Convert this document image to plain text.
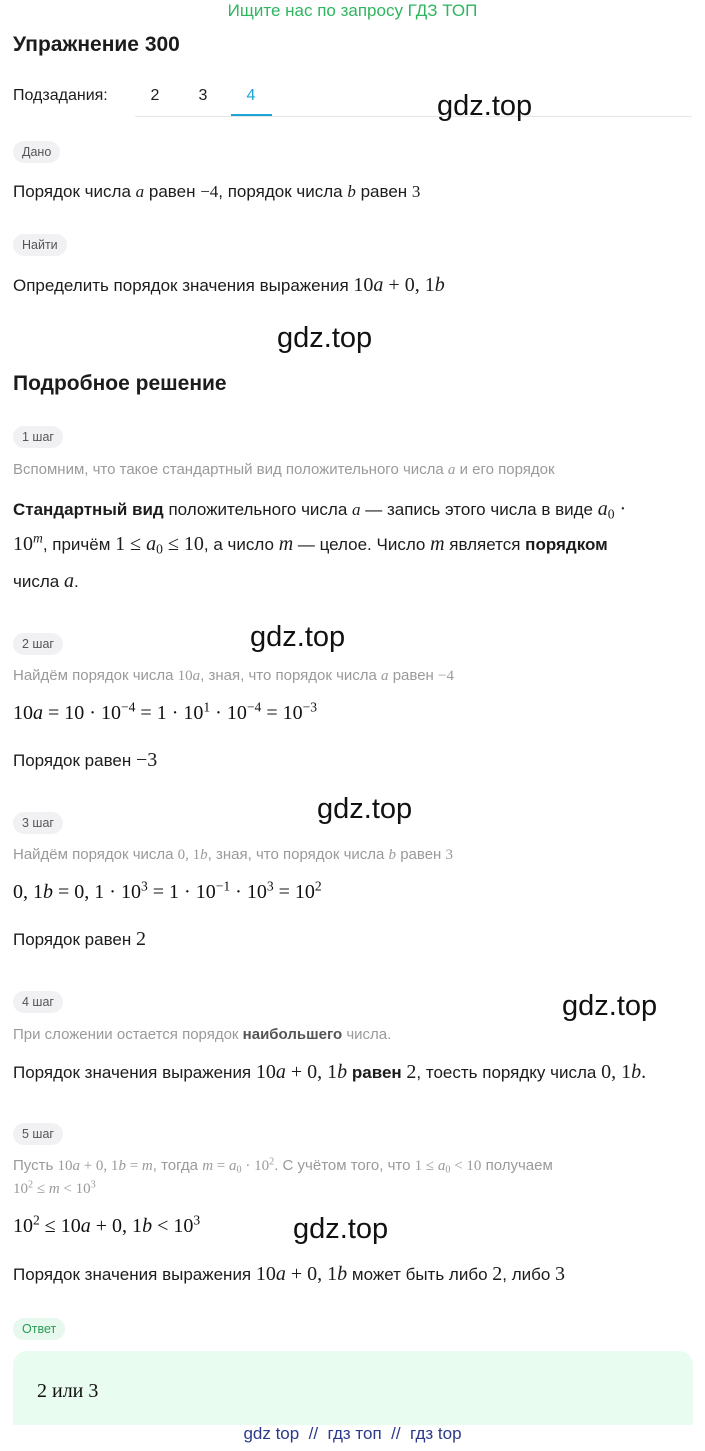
Ищите нас по запросу ГДЗ ТОП
Упражнение 300
Подзадания:	2	3	4	gdz.top
Дано
Порядок числа a равен −4, порядок числа b равен 3
Найти
Определить порядок значения выражения 10a + 0, 1b
gdz.top
Подробное решение
1 шаг
Вспомним, что такое стандартный вид положительного числа a и его порядок
Стандартный вид положительного числа a — запись этого числа в виде $a_0$ ·
$10^m$, причём $1 \le a_0 \le 10$, а число m — целое. Число m является порядком
числа a.
gdz.top
2 шаг
Найдём порядок числа 10a, зная, что порядок числа a равен −4
$10a = 10 \cdot 10^{-4} = 1 \cdot 10^1 \cdot 10^{-4} = 10^{-3}$
Порядок равен −3
gdz.top
3 шаг
Найдём порядок числа 0, 1b, зная, что порядок числа b равен 3
0, 1b = 0, $1 \cdot 10^3 = 1 \cdot 10^{-1} \cdot 10^3 = 10^2$
Порядок равен 2
gdz.top
4 шаг
При сложении остается порядок наибольшего числа.
Порядок значения выражения 10a + 0, 1b равен 2, тоесть порядку числа 0, 1b.
5 шаг
Пусть 10a + 0, 1b = m, тогда $m = a_0 \cdot 10^2$. С учётом того, что $1 \le a_0 < 10$ получаем
$10^2 \le m < 10^3$
$10^2 \le 10a + 0$, $1b < 10^3$	gdz.top
Порядок значения выражения 10a + 0, 1b может быть либо 2, либо 3
Ответ
2 или 3
gdz top  //  гдз топ  //  гдз top
